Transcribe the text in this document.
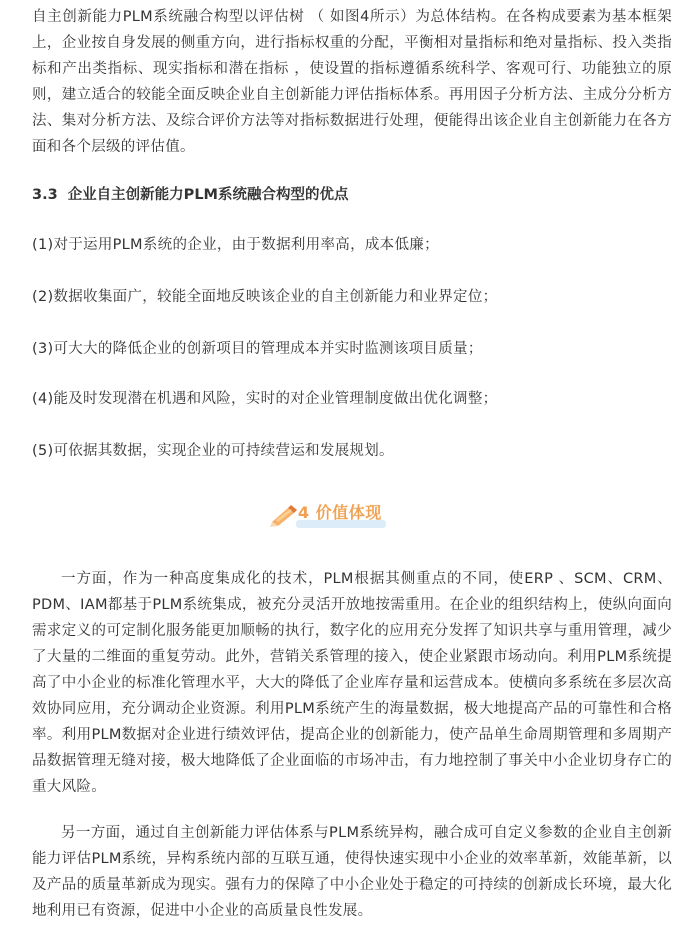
自主创新能力PLM系统融合构型以评估树 （ 如图4所示）为总体结构。在各构成要素为基本框架上，企业按自身发展的侧重方向，进行指标权重的分配，平衡相对量指标和绝对量指标、投入类指标和产出类指标、现实指标和潜在指标 ，使设置的指标遵循系统科学、客观可行、功能独立的原则，建立适合的较能全面反映企业自主创新能力评估指标体系。再用因子分析方法、主成分分析方法、集对分析方法、及综合评价方法等对指标数据进行处理，便能得出该企业自主创新能力在各方面和各个层级的评估值。

3.3 企业自主创新能力PLM系统融合构型的优点

(1)对于运用PLM系统的企业，由于数据利用率高，成本低廉；

(2)数据收集面广，较能全面地反映该企业的自主创新能力和业界定位；

(3)可大大的降低企业的创新项目的管理成本并实时监测该项目质量；

(4)能及时发现潜在机遇和风险，实时的对企业管理制度做出优化调整；

(5)可依据其数据，实现企业的可持续营运和发展规划。

4 价值体现

一方面，作为一种高度集成化的技术，PLM根据其侧重点的不同，使ERP 、SCM、CRM、PDM、IAM都基于PLM系统集成，被充分灵活开放地按需重用。在企业的组织结构上，使纵向面向需求定义的可定制化服务能更加顺畅的执行，数字化的应用充分发挥了知识共享与重用管理，减少了大量的二维面的重复劳动。此外，营销关系管理的接入，使企业紧跟市场动向。利用PLM系统提高了中小企业的标准化管理水平，大大的降低了企业库存量和运营成本。使横向多系统在多层次高效协同应用，充分调动企业资源。利用PLM系统产生的海量数据，极大地提高产品的可靠性和合格率。利用PLM数据对企业进行绩效评估，提高企业的创新能力，使产品单生命周期管理和多周期产品数据管理无缝对接，极大地降低了企业面临的市场冲击，有力地控制了事关中小企业切身存亡的重大风险。

另一方面，通过自主创新能力评估体系与PLM系统异构，融合成可自定义参数的企业自主创新能力评估PLM系统，异构系统内部的互联互通，使得快速实现中小企业的效率革新，效能革新，以及产品的质量革新成为现实。强有力的保障了中小企业处于稳定的可持续的创新成长环境，最大化地利用已有资源，促进中小企业的高质量良性发展。
